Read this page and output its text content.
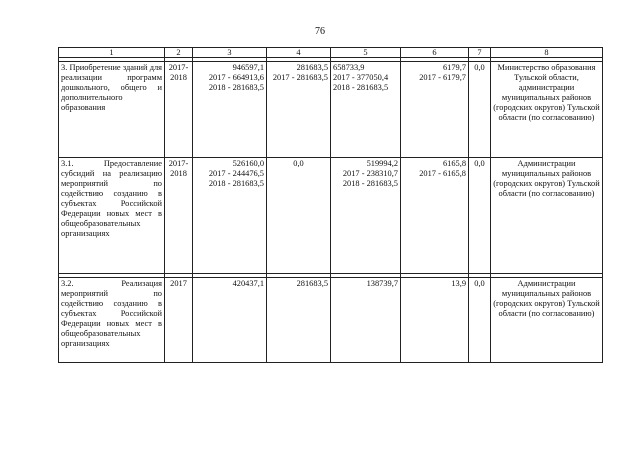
76
1	2	3	4	5	6	7	8

3. Приобретение зданий для реализации программ дошкольного, общего и дополнительного образования	2017-
2018	946597,1
2017 - 664913,6
2018 - 281683,5	281683,5
2017 - 281683,5	658733,9
2017 - 377050,4
2018 - 281683,5	6179,7
2017 - 6179,7	0,0	Министерство образования Тульской области, администрации муниципальных районов (городских округов) Тульской области (по согласованию)
3.1. Предоставление субсидий на реализацию мероприятий по содействию созданию в субъектах Российской Федерации новых мест в общеобразовательных организациях	2017-
2018	526160,0
2017 - 244476,5
2018 - 281683,5	0,0	519994,2
2017 - 238310,7
2018 - 281683,5	6165,8
2017 - 6165,8	0,0	Администрации муниципальных районов (городских округов) Тульской области (по согласованию)

3.2. Реализация мероприятий по содействию созданию в субъектах Российской Федерации новых мест в общеобразовательных организациях	2017	420437,1	281683,5	138739,7	13,9	0,0	Администрации муниципальных районов (городских округов) Тульской области (по согласованию)
